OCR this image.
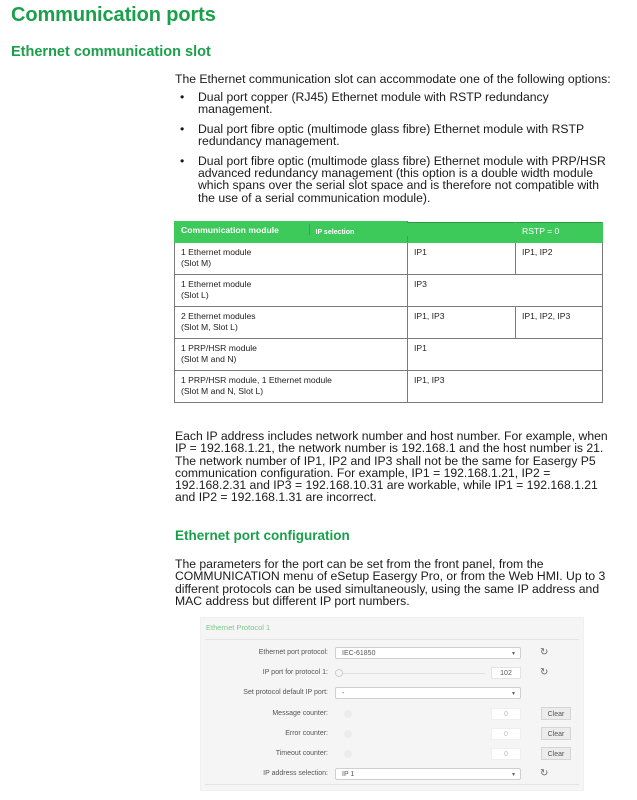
Communication ports
Ethernet communication slot
The Ethernet communication slot can accommodate one of the following options:
• Dual port copper (RJ45) Ethernet module with RSTP redundancy management.
• Dual port fibre optic (multimode glass fibre) Ethernet module with RSTP redundancy management.
• Dual port fibre optic (multimode glass fibre) Ethernet module with PRP/HSR advanced redundancy management (this option is a double width module which spans over the serial slot space and is therefore not compatible with the use of a serial communication module).
Communication module		IP selection	RSTP = 0
1 Ethernet module
(Slot M)	IP1	IP1, IP2
1 Ethernet module
(Slot L)	IP3	
2 Ethernet modules
(Slot M, Slot L)	IP1, IP3	IP1, IP2, IP3
1 PRP/HSR module
(Slot M and N)	IP1	
1 PRP/HSR module, 1 Ethernet module
(Slot M and N, Slot L)	IP1, IP3	
Each IP address includes network number and host number. For example, when IP = 192.168.1.21, the network number is 192.168.1 and the host number is 21. The network number of IP1, IP2 and IP3 shall not be the same for Easergy P5 communication configuration. For example, IP1 = 192.168.1.21, IP2 = 192.168.2.31 and IP3 = 192.168.10.31 are workable, while IP1 = 192.168.1.21 and IP2 = 192.168.1.31 are incorrect.
Ethernet port configuration
The parameters for the port can be set from the front panel, from the COMMUNICATION menu of eSetup Easergy Pro, or from the Web HMI. Up to 3 different protocols can be used simultaneously, using the same IP address and MAC address but different IP port numbers.
Ethernet Protocol 1
Ethernet port protocol:	IEC-61850	▾	↻
IP port for protocol 1:	102	↻
Set protocol default IP port:	-	▾
Message counter:	0	Clear
Error counter:	0	Clear
Timeout counter:	0	Clear
IP address selection:	IP 1	▾	↻
